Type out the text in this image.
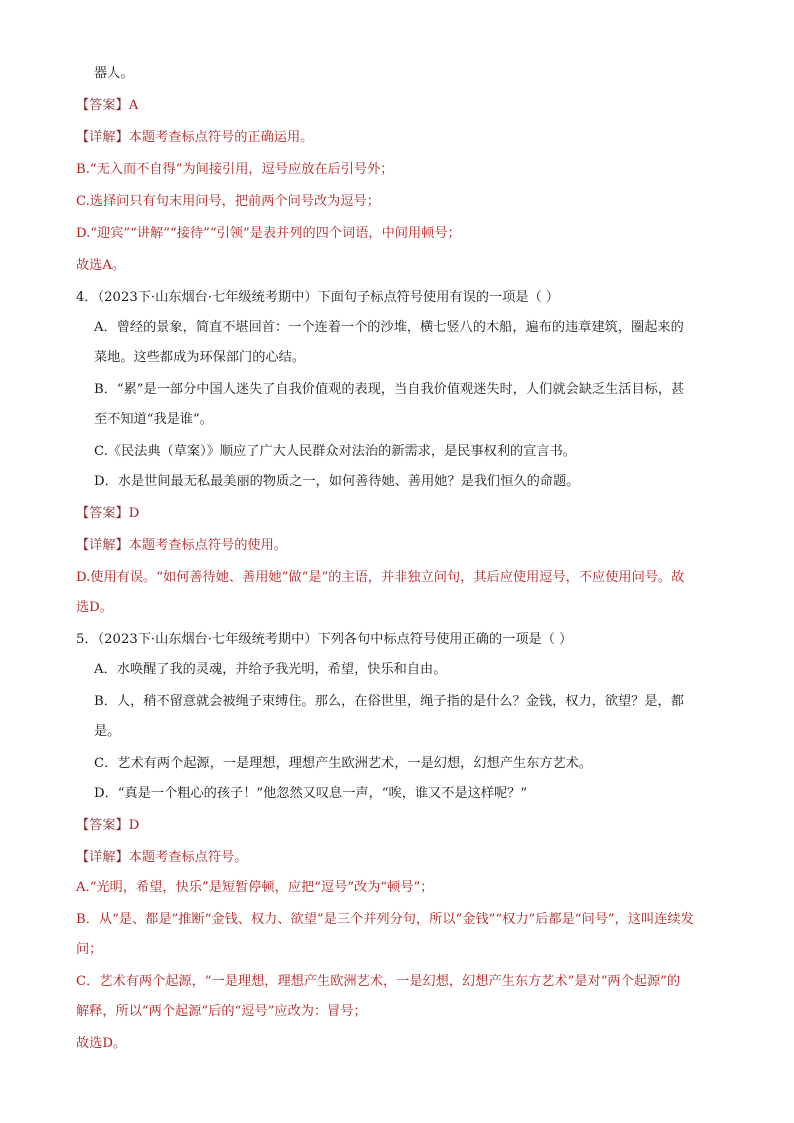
器人。
【答案】A
【详解】本题考查标点符号的正确运用。
B.“无入而不自得”为间接引用，逗号应放在后引号外；
C.选择问只有句末用问号，把前两个问号改为逗号；
D.“迎宾”“讲解”“接待”“引领”是表并列的四个词语，中间用顿号；
故选A。
4．（2023下·山东烟台·七年级统考期中）下面句子标点符号使用有误的一项是（ ）
A．曾经的景象，简直不堪回首：一个连着一个的沙堆，横七竖八的木船，遍布的违章建筑，圈起来的
菜地。这些都成为环保部门的心结。
B．“累”是一部分中国人迷失了自我价值观的表现，当自我价值观迷失时，人们就会缺乏生活目标，甚
至不知道“我是谁”。
C.《民法典（草案）》顺应了广大人民群众对法治的新需求，是民事权利的宣言书。
D．水是世间最无私最美丽的物质之一，如何善待她、善用她？是我们恒久的命题。
【答案】D
【详解】本题考查标点符号的使用。
D.使用有误。“如何善待她、善用她”做“是”的主语，并非独立问句，其后应使用逗号，不应使用问号。故
选D。
5．（2023下·山东烟台·七年级统考期中）下列各句中标点符号使用正确的一项是（ ）
A．水唤醒了我的灵魂，并给予我光明，希望，快乐和自由。
B．人，稍不留意就会被绳子束缚住。那么，在俗世里，绳子指的是什么？金钱，权力，欲望？是，都
是。
C．艺术有两个起源，一是理想，理想产生欧洲艺术，一是幻想，幻想产生东方艺术。
D．“真是一个粗心的孩子！”他忽然又叹息一声，“唉，谁又不是这样呢？”
【答案】D
【详解】本题考查标点符号。
A.“光明，希望，快乐”是短暂停顿，应把“逗号”改为“顿号”；
B．从“是、都是”推断“金钱、权力、欲望”是三个并列分句，所以“金钱”“权力”后都是“问号”，这叫连续发
问；
C．艺术有两个起源，“一是理想，理想产生欧洲艺术，一是幻想，幻想产生东方艺术”是对“两个起源”的
解释，所以“两个起源”后的“逗号”应改为：冒号；
故选D。
